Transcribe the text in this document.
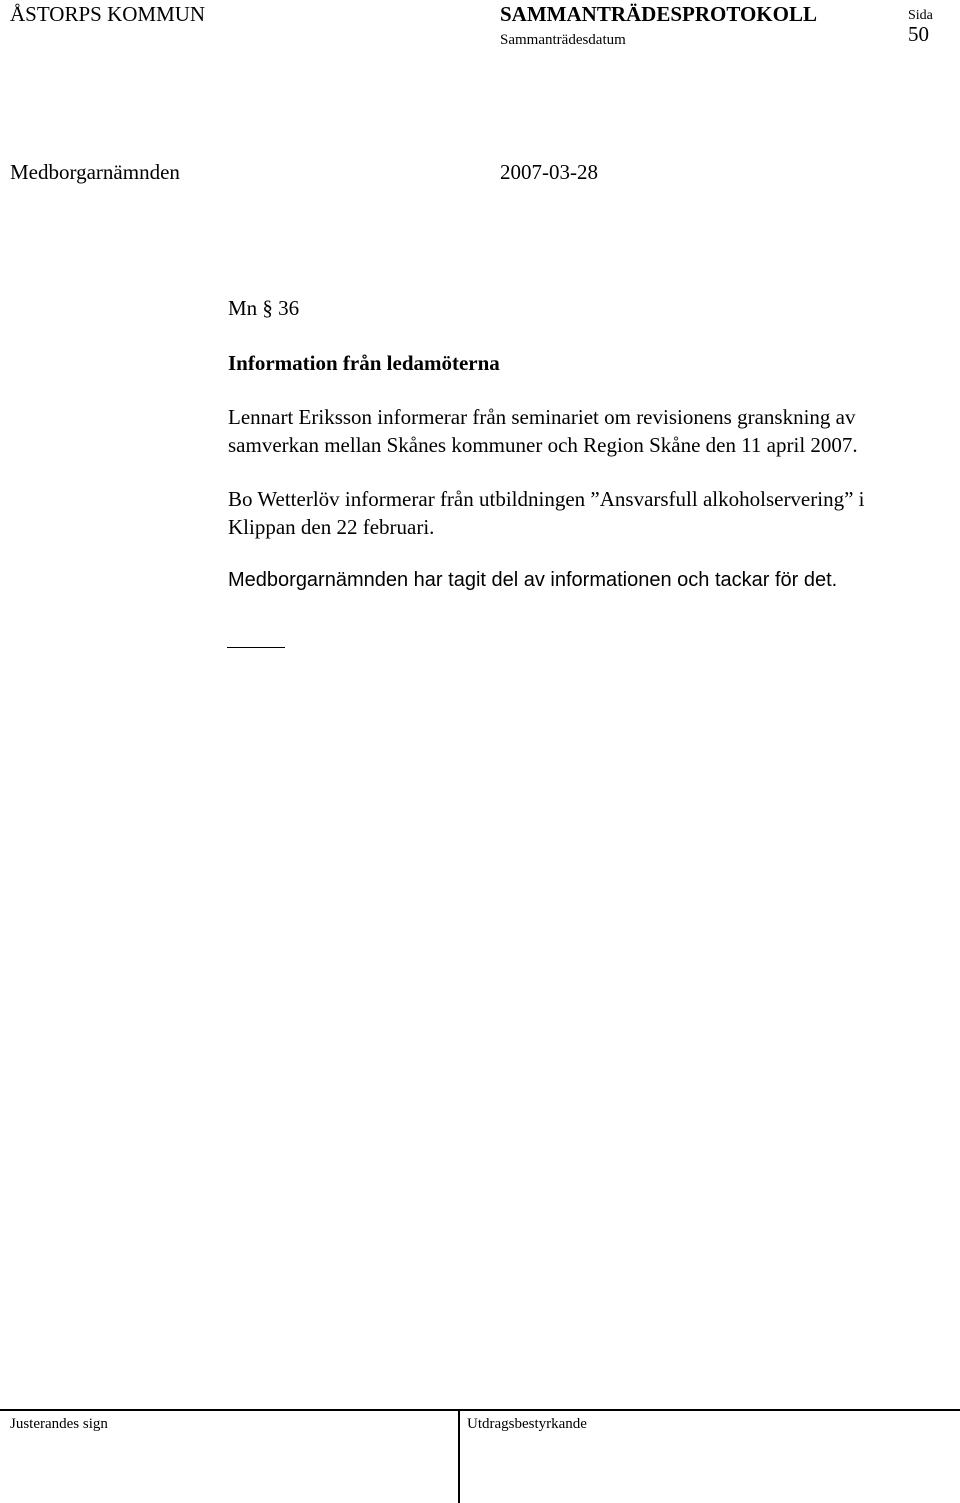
ÅSTORPS KOMMUN	SAMMANTRÄDESPROTOKOLL
Sammanträdesdatum
Sida
50
Medborgarnämnden	2007-03-28
Mn § 36
Information från ledamöterna
Lennart Eriksson informerar från seminariet om revisionens granskning av samverkan mellan Skånes kommuner och Region Skåne den 11 april 2007.
Bo Wetterlöv informerar från utbildningen ”Ansvarsfull alkoholservering” i Klippan den 22 februari.
Medborgarnämnden har tagit del av informationen och tackar för det.
Justerandes sign	Utdragsbestyrkande
